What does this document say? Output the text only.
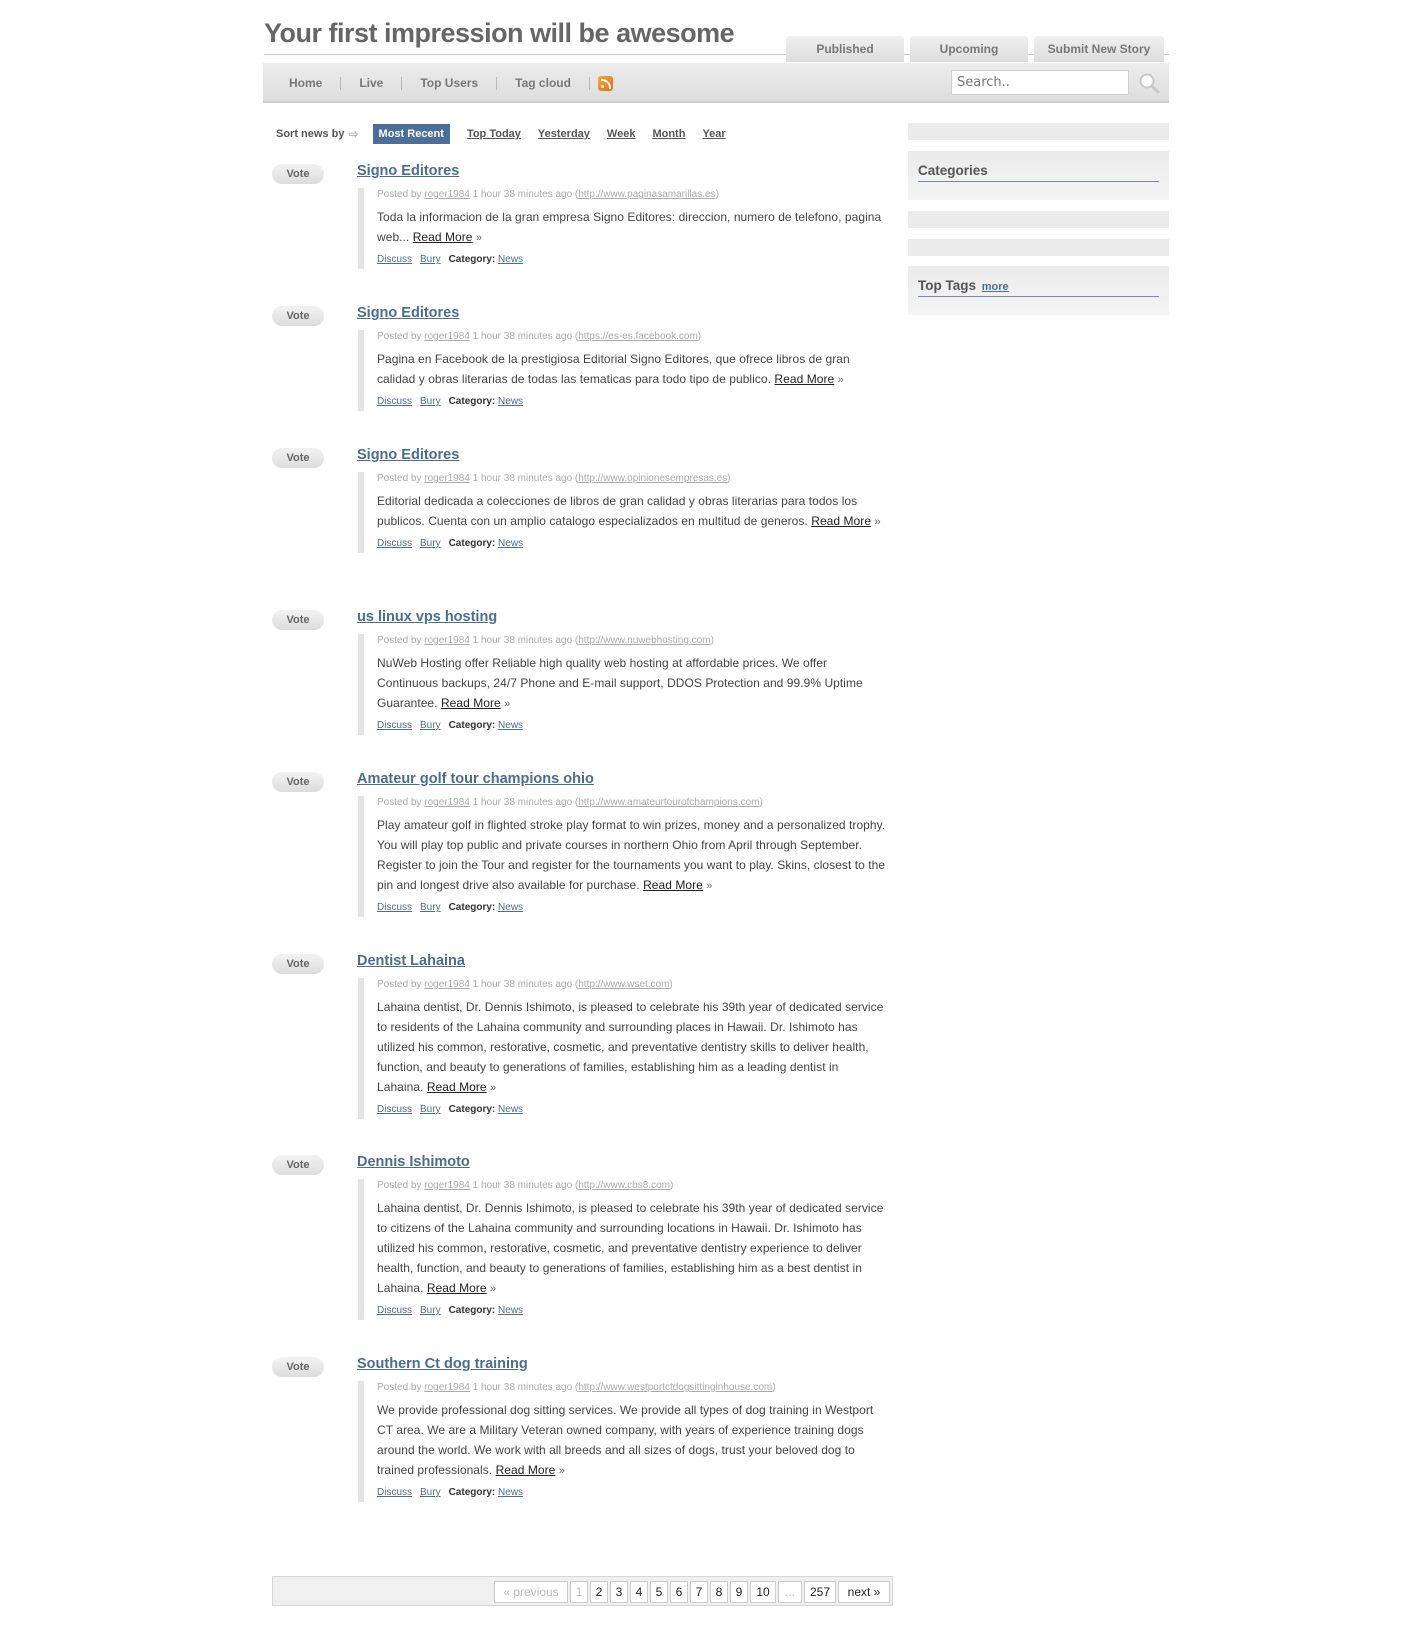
Your first impression will be awesome
Published	Upcoming	Submit New Story
Home	Live	Top Users	Tag cloud
Search..
Sort news by ⇨	Most Recent	Top Today Yesterday Week Month Year
Vote	Signo Editores
Posted by roger1984 1 hour 38 minutes ago (http://www.paginasamarillas.es)
Toda la informacion de la gran empresa Signo Editores: direccion, numero de telefono, pagina web... Read More »
Discuss Bury Category: News
Vote	Signo Editores
Posted by roger1984 1 hour 38 minutes ago (https://es-es.facebook.com)
Pagina en Facebook de la prestigiosa Editorial Signo Editores, que ofrece libros de gran calidad y obras literarias de todas las tematicas para todo tipo de publico. Read More »
Discuss Bury Category: News
Vote	Signo Editores
Posted by roger1984 1 hour 38 minutes ago (http://www.opinionesempresas.es)
Editorial dedicada a colecciones de libros de gran calidad y obras literarias para todos los publicos. Cuenta con un amplio catalogo especializados en multitud de generos. Read More »
Discuss Bury Category: News
Vote	us linux vps hosting
Posted by roger1984 1 hour 38 minutes ago (http://www.nuwebhosting.com)
NuWeb Hosting offer Reliable high quality web hosting at affordable prices. We offer Continuous backups, 24/7 Phone and E-mail support, DDOS Protection and 99.9% Uptime Guarantee. Read More »
Discuss Bury Category: News
Vote	Amateur golf tour champions ohio
Posted by roger1984 1 hour 38 minutes ago (http://www.amateurtourofchampions.com)
Play amateur golf in flighted stroke play format to win prizes, money and a personalized trophy. You will play top public and private courses in northern Ohio from April through September. Register to join the Tour and register for the tournaments you want to play. Skins, closest to the pin and longest drive also available for purchase. Read More »
Discuss Bury Category: News
Vote	Dentist Lahaina
Posted by roger1984 1 hour 38 minutes ago (http://www.wset.com)
Lahaina dentist, Dr. Dennis Ishimoto, is pleased to celebrate his 39th year of dedicated service to residents of the Lahaina community and surrounding places in Hawaii. Dr. Ishimoto has utilized his common, restorative, cosmetic, and preventative dentistry skills to deliver health, function, and beauty to generations of families, establishing him as a leading dentist in Lahaina. Read More »
Discuss Bury Category: News
Vote	Dennis Ishimoto
Posted by roger1984 1 hour 38 minutes ago (http://www.cbs8.com)
Lahaina dentist, Dr. Dennis Ishimoto, is pleased to celebrate his 39th year of dedicated service to citizens of the Lahaina community and surrounding locations in Hawaii. Dr. Ishimoto has utilized his common, restorative, cosmetic, and preventative dentistry experience to deliver health, function, and beauty to generations of families, establishing him as a best dentist in Lahaina. Read More »
Discuss Bury Category: News
Vote	Southern Ct dog training
Posted by roger1984 1 hour 38 minutes ago (http://www.westportctdogsittinginhouse.com)
We provide professional dog sitting services. We provide all types of dog training in Westport CT area. We are a Military Veteran owned company, with years of experience training dogs around the world. We work with all breeds and all sizes of dogs, trust your beloved dog to trained professionals. Read More »
Discuss Bury Category: News
Categories
Top Tags more
« previous	1	2	3	4	5	6	7	8	9	10	...	257	next »
